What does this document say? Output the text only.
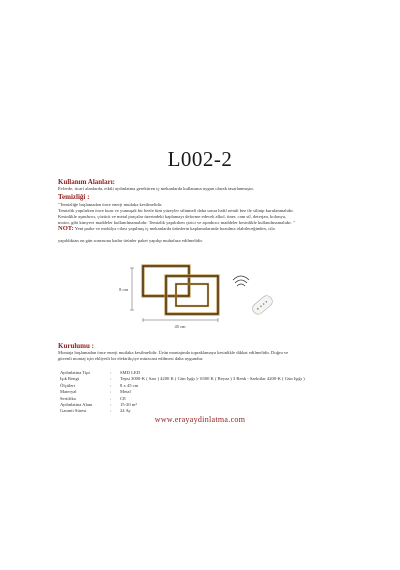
L002-2
Kullanım Alanları:
Evlerde, ticari alanlarda, etkili aydınlatma gerektiren iç mekanlarda kullanıma uygun olarak tasarlanmıştır.
Temizliği :
"Temizliğe başlamadan önce enerji mutlaka kesilmelidir.
Temizlik yapılırken önce kuru ve yumuşak bir bezle tüm yüzeyler silinmeli daha sonra hafif nemli bez ile silinip kurulanmalıdır.
Kesinlikle aşındırıcı, çözücü ve metal parçalar üzerindeki kaplamayı deforme edecek alkol, tiner, cam sil, deterjan, kolonya,
motor, gibi kimyevi maddeler kullanılmamalıdır. Temizlik yapılırken çizici ve aşındırıcı maddeler kesinlikle kullanılmamalıdır. "
NOT: Yeni parke ve mobilya cilası yapılmış iç mekanlarda ürünlerin kaplamalarında bozulma olabileceğinden, cila
yapıldıktan on gün sonrasına kadar ürünler paket yapılıp muhafaza edilmelidir.
8 cm
45 cm
Kurulumu :
Montaja başlamadan önce enerji mutlaka kesilmelidir. Ürün montajında topraklamaya kesinlikle dikkat edilmelidir. Doğru ve
güvenli montaj için ehliyetli bir elektrikçiye müracaat edilmesi daha uygundur.
Aydınlatma Tipi	:	SMD LED
Işık Rengi	:	Tepsi 3000-K ( Sarı ) 4200 K ( Gün Işığı )- 6500 K ( Beyaz ) 3 Renk - Sarkıtlar 4200-K ( Gün Işığı )
Ölçüleri	:	8 x 45 cm
Materyal	:	Metal
Sertifika	:	CE
Aydınlatma Alanı	:	15-20 m²
Garanti Süresi	:	24 Ay
www.erayaydinlatma.com
